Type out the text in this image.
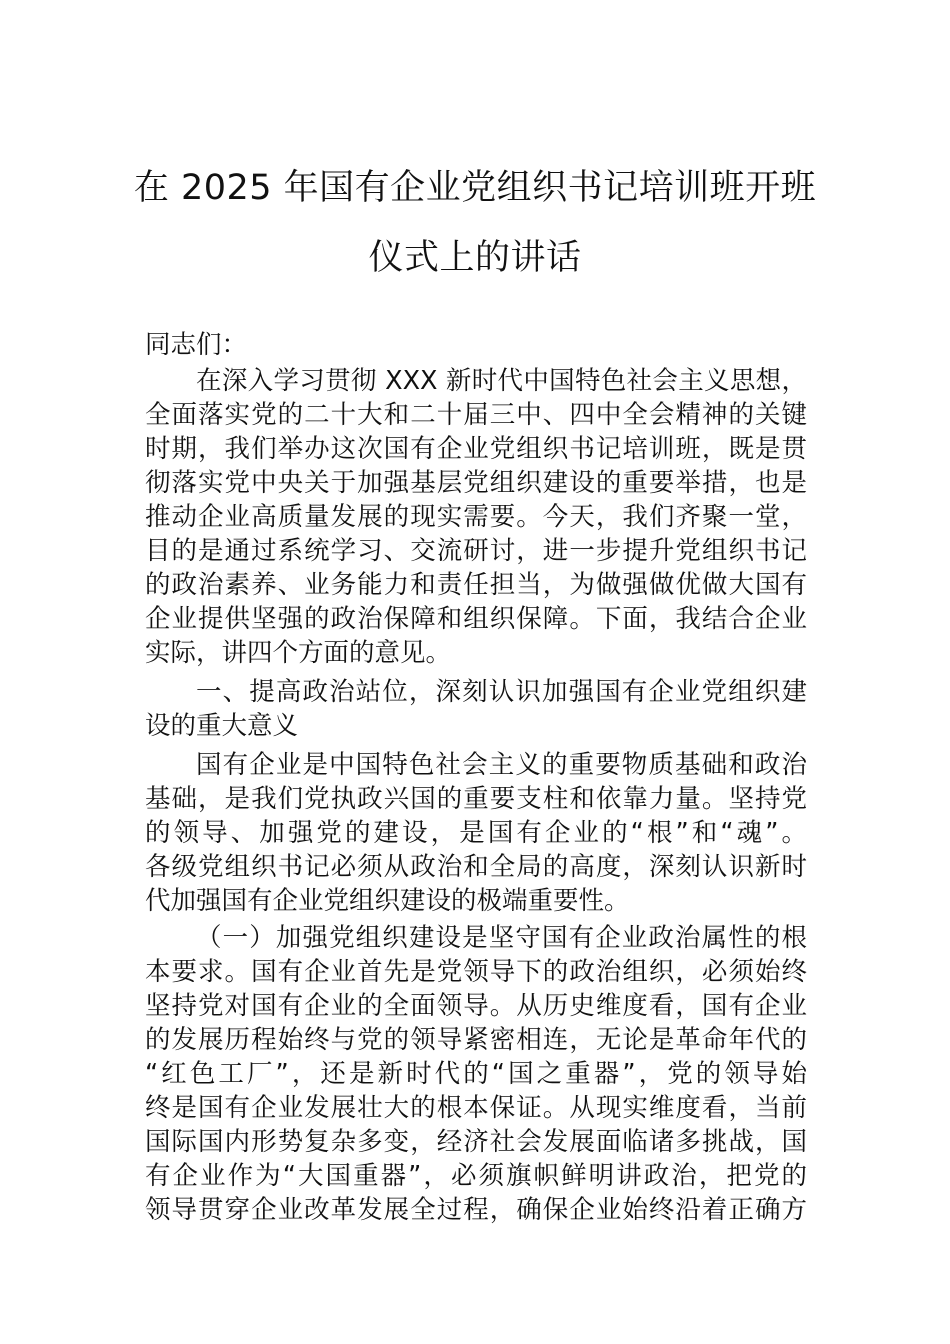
在 2025 年国有企业党组织书记培训班开班
仪式上的讲话
同志们：
在深入学习贯彻 XXX 新时代中国特色社会主义思想，
全面落实党的二十大和二十届三中、四中全会精神的关键
时期，我们举办这次国有企业党组织书记培训班，既是贯
彻落实党中央关于加强基层党组织建设的重要举措，也是
推动企业高质量发展的现实需要。今天，我们齐聚一堂，
目的是通过系统学习、交流研讨，进一步提升党组织书记
的政治素养、业务能力和责任担当，为做强做优做大国有
企业提供坚强的政治保障和组织保障。下面，我结合企业
实际，讲四个方面的意见。
一、提高政治站位，深刻认识加强国有企业党组织建
设的重大意义
国有企业是中国特色社会主义的重要物质基础和政治
基础，是我们党执政兴国的重要支柱和依靠力量。坚持党
的领导、加强党的建设，是国有企业的“根”和“魂”。
各级党组织书记必须从政治和全局的高度，深刻认识新时
代加强国有企业党组织建设的极端重要性。
（一）加强党组织建设是坚守国有企业政治属性的根
本要求。国有企业首先是党领导下的政治组织，必须始终
坚持党对国有企业的全面领导。从历史维度看，国有企业
的发展历程始终与党的领导紧密相连，无论是革命年代的
“红色工厂”，还是新时代的“国之重器”，党的领导始
终是国有企业发展壮大的根本保证。从现实维度看，当前
国际国内形势复杂多变，经济社会发展面临诸多挑战，国
有企业作为“大国重器”，必须旗帜鲜明讲政治，把党的
领导贯穿企业改革发展全过程，确保企业始终沿着正确方
